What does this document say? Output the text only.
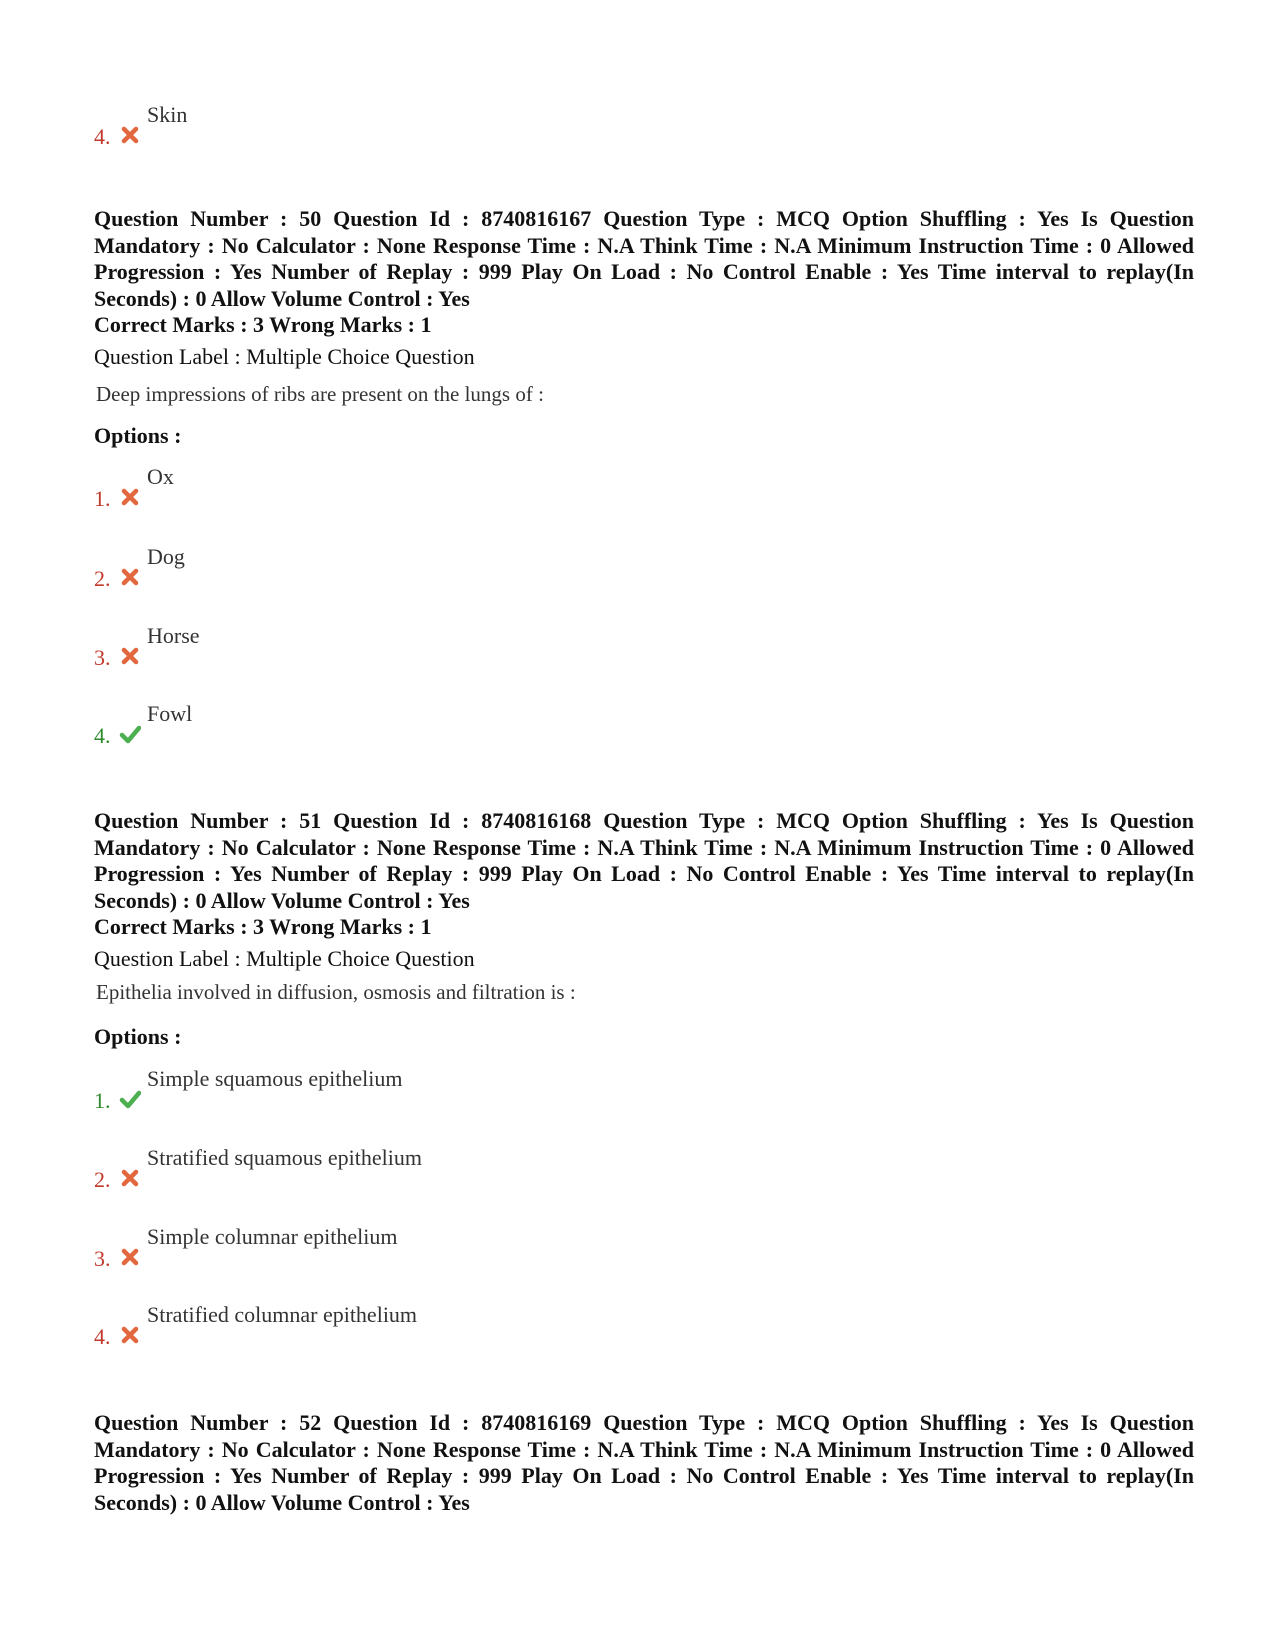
4.
Skin
Question Number : 50 Question Id : 8740816167 Question Type : MCQ Option Shuffling : Yes Is Question Mandatory : No Calculator : None Response Time : N.A Think Time : N.A Minimum Instruction Time : 0 Allowed Progression : Yes Number of Replay : 999 Play On Load : No Control Enable : Yes Time interval to replay(In Seconds) : 0 Allow Volume Control : Yes
Correct Marks : 3 Wrong Marks : 1
Question Label : Multiple Choice Question
Deep impressions of ribs are present on the lungs of :
Options :
1.
Ox
2.
Dog
3.
Horse
4.
Fowl
Question Number : 51 Question Id : 8740816168 Question Type : MCQ Option Shuffling : Yes Is Question Mandatory : No Calculator : None Response Time : N.A Think Time : N.A Minimum Instruction Time : 0 Allowed Progression : Yes Number of Replay : 999 Play On Load : No Control Enable : Yes Time interval to replay(In Seconds) : 0 Allow Volume Control : Yes
Correct Marks : 3 Wrong Marks : 1
Question Label : Multiple Choice Question
Epithelia involved in diffusion, osmosis and filtration is :
Options :
1.
Simple squamous epithelium
2.
Stratified squamous epithelium
3.
Simple columnar epithelium
4.
Stratified columnar epithelium
Question Number : 52 Question Id : 8740816169 Question Type : MCQ Option Shuffling : Yes Is Question Mandatory : No Calculator : None Response Time : N.A Think Time : N.A Minimum Instruction Time : 0 Allowed Progression : Yes Number of Replay : 999 Play On Load : No Control Enable : Yes Time interval to replay(In Seconds) : 0 Allow Volume Control : Yes
